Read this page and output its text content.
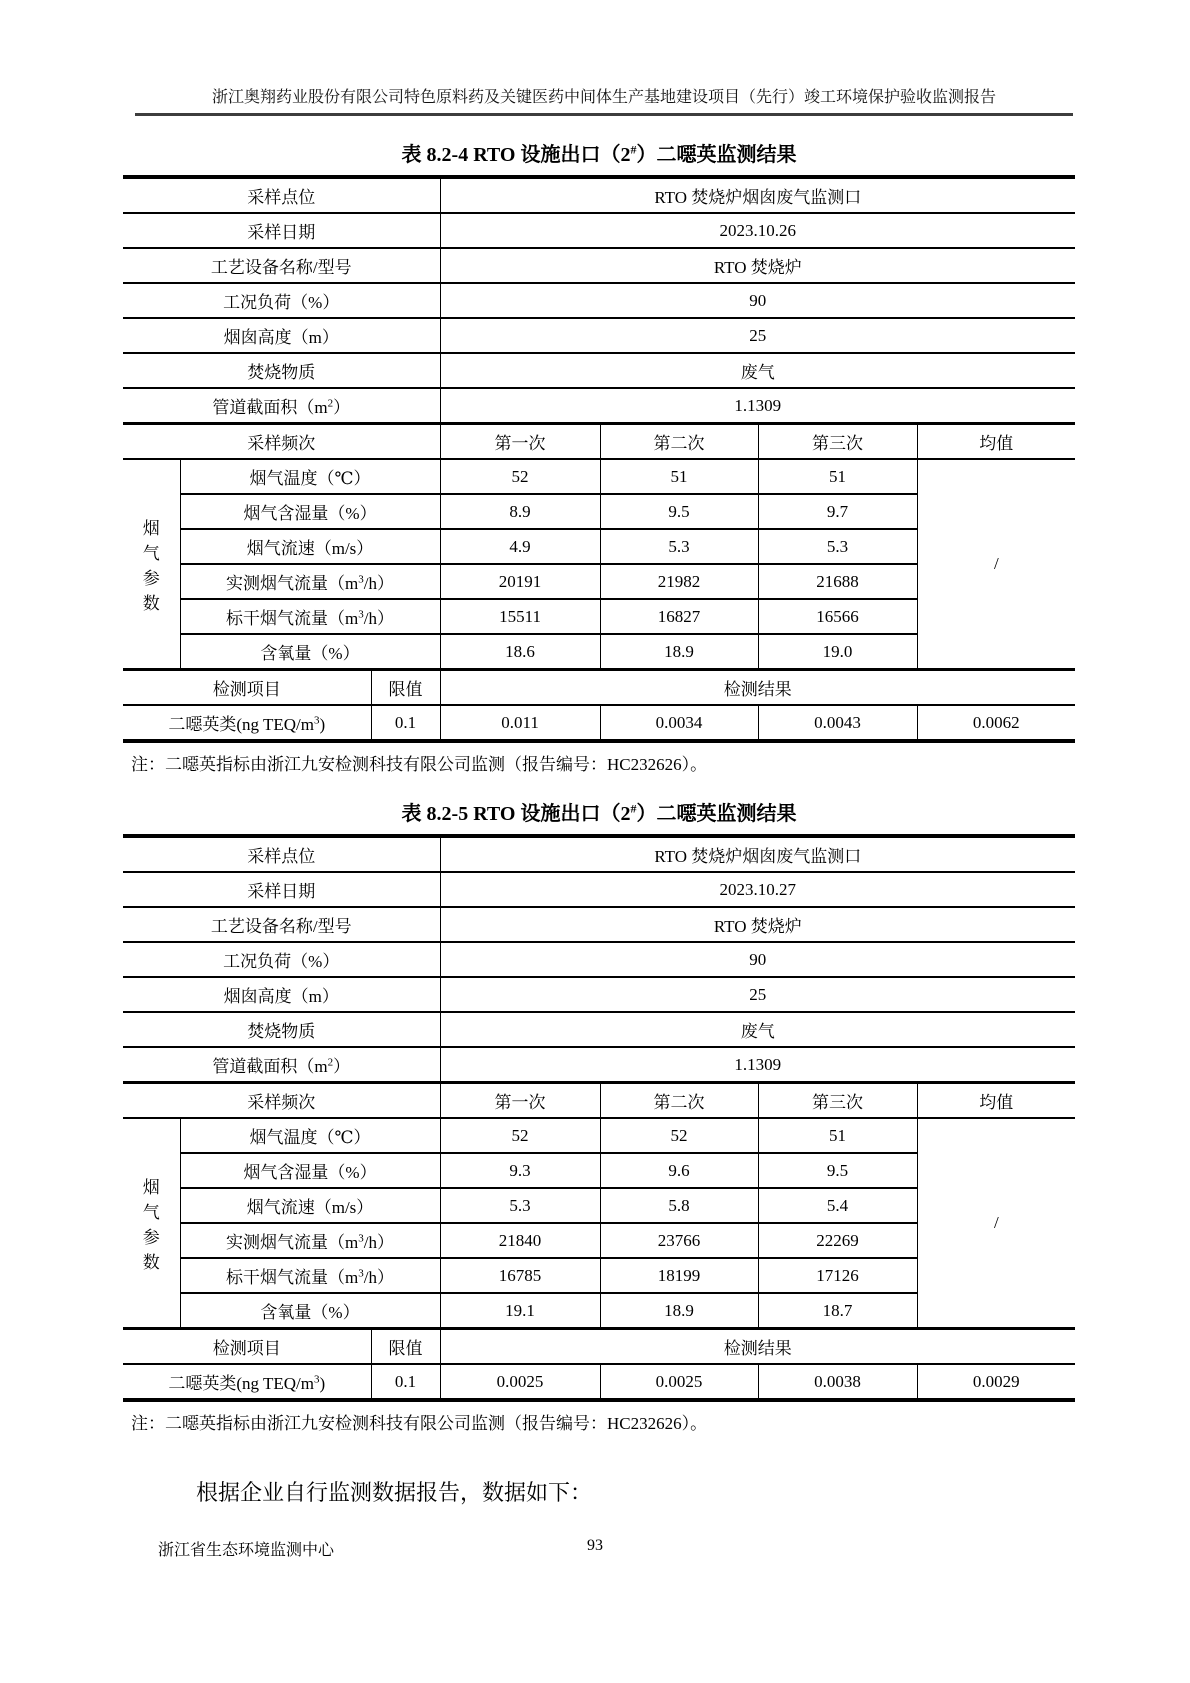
浙江奥翔药业股份有限公司特色原料药及关键医药中间体生产基地建设项目（先行）竣工环境保护验收监测报告
表 8.2-4 RTO 设施出口（2#）二噁英监测结果
采样点位			RTO 焚烧炉烟囱废气监测口			
采样日期			2023.10.26			
工艺设备名称/型号			RTO 焚烧炉			
工况负荷（%）			90			
烟囱高度（m）			25			
焚烧物质			废气			
管道截面积$(m^2)$			1.1309			
采样频次			第一次	第二次	第三次	均值

烟
气
参
数	烟气温度（℃）		52	51	51	/
	烟气含湿量（%）		8.9	9.5	9.7	
	烟气流速（m/s）		4.9	5.3	5.3	
	实测烟气流量$(m^3/h)$		20191	21982	21688	
	标干烟气流量$(m^3/h)$		15511	16827	16566	
	含氧量（%）		18.6	18.9	19.0	
检测项目		限值	检测结果			
二噁英类(ng TEQ/$m^3$)		0.1	0.011	0.0034	0.0043	0.0062

注：二噁英指标由浙江九安检测科技有限公司监测（报告编号：HC232626）。

表 8.2-5 RTO 设施出口（2#）二噁英监测结果
采样点位			RTO 焚烧炉烟囱废气监测口			
采样日期			2023.10.27			
工艺设备名称/型号			RTO 焚烧炉			
工况负荷（%）			90			
烟囱高度（m）			25			
焚烧物质			废气			
管道截面积$(m^2)$			1.1309			
采样频次			第一次	第二次	第三次	均值

烟
气
参
数	烟气温度（℃）		52	52	51	/
	烟气含湿量（%）		9.3	9.6	9.5	
	烟气流速（m/s）		5.3	5.8	5.4	
	实测烟气流量$(m^3/h)$		21840	23766	22269	
	标干烟气流量$(m^3/h)$		16785	18199	17126	
	含氧量（%）		19.1	18.9	18.7	
检测项目		限值	检测结果			
二噁英类(ng TEQ/$m^3$)		0.1	0.0025	0.0025	0.0038	0.0029

注：二噁英指标由浙江九安检测科技有限公司监测（报告编号：HC232626）。

根据企业自行监测数据报告，数据如下：

浙江省生态环境监测中心	93
